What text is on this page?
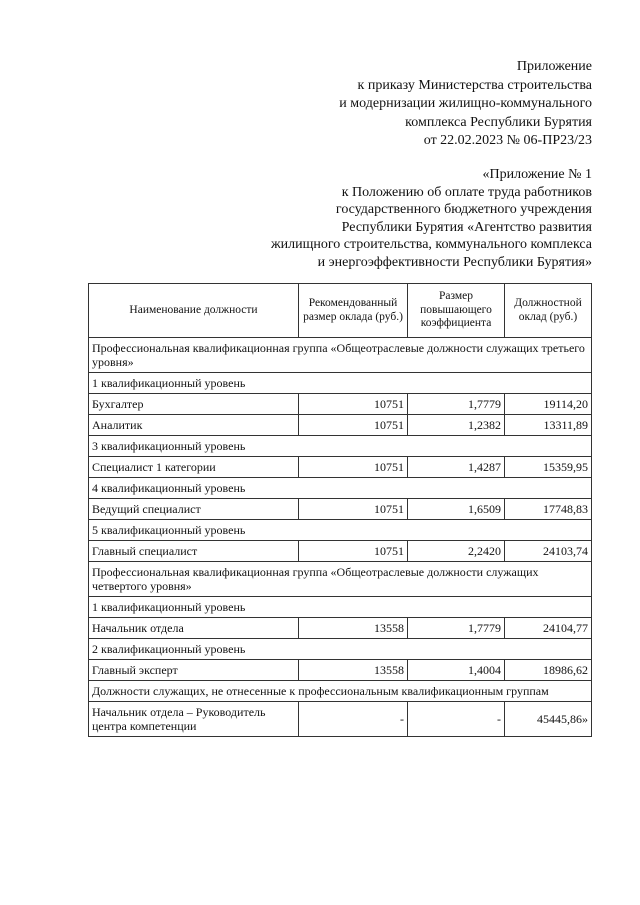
Приложение
к приказу Министерства строительства
и модернизации жилищно-коммунального
комплекса Республики Бурятия
от 22.02.2023 № 06-ПР23/23
«Приложение № 1
к Положению об оплате труда работников
государственного бюджетного учреждения
Республики Бурятия «Агентство развития
жилищного строительства, коммунального комплекса
и энергоэффективности Республики Бурятия»
Наименование должности	Рекомендованный размер оклада (руб.)	Размер повышающего коэффициента	Должностной оклад (руб.)
Профессиональная квалификационная группа «Общеотраслевые должности служащих третьего уровня»			
1 квалификационный уровень			
Бухгалтер	10751	1,7779	19114,20
Аналитик	10751	1,2382	13311,89
3 квалификационный уровень			
Специалист 1 категории	10751	1,4287	15359,95
4 квалификационный уровень			
Ведущий специалист	10751	1,6509	17748,83
5 квалификационный уровень			
Главный специалист	10751	2,2420	24103,74
Профессиональная квалификационная группа «Общеотраслевые должности служащих четвертого уровня»			
1 квалификационный уровень			
Начальник отдела	13558	1,7779	24104,77
2 квалификационный уровень			
Главный эксперт	13558	1,4004	18986,62
Должности служащих, не отнесенные к профессиональным квалификационным группам			
Начальник отдела – Руководитель центра компетенции	-	-	45445,86»
